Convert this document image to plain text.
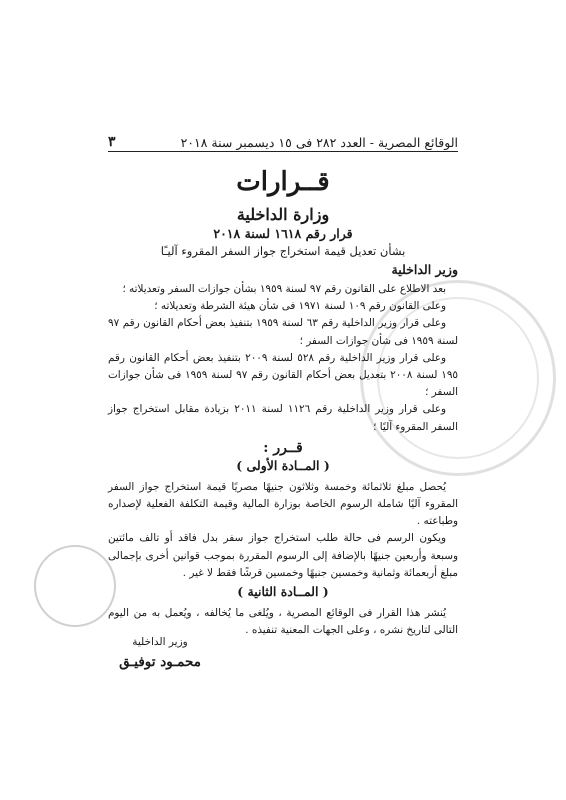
الوقائع المصرية - العدد ٢٨٢ فى ١٥ ديسمبر سنة ٢٠١٨
٣
قــرارات
وزارة الداخلية
قرار رقم ١٦١٨ لسنة ٢٠١٨
بشأن تعديل قيمة استخراج جواز السفر المقروء آليـًا
وزير الداخلية

بعد الاطلاع على القانون رقم ٩٧ لسنة ١٩٥٩ بشأن جوازات السفر وتعديلاته ؛

وعلى القانون رقم ١٠٩ لسنة ١٩٧١ فى شأن هيئة الشرطة وتعديلاته ؛

وعلى قرار وزير الداخلية رقم ٦٣ لسنة ١٩٥٩ بتنفيذ بعض أحكام القانون رقم ٩٧ لسنة ١٩٥٩ فى شأن جوازات السفر ؛

وعلى قرار وزير الداخلية رقم ٥٢٨ لسنة ٢٠٠٩ بتنفيذ بعض أحكام القانون رقم ١٩٥ لسنة ٢٠٠٨ بتعديل بعض أحكام القانون رقم ٩٧ لسنة ١٩٥٩ فى شأن جوازات السفر ؛

وعلى قرار وزير الداخلية رقم ١١٢٦ لسنة ٢٠١١ بزيادة مقابل استخراج جواز السفر المقروء آليًا ؛

قــرر :
( المــادة الأولى )

يُحصل مبلغ ثلاثمائة وخمسة وثلاثون جنيهًا مصريًا قيمة استخراج جواز السفر المقروء آليًا شاملة الرسوم الخاصة بوزارة المالية وقيمة التكلفة الفعلية لإصداره وطباعته .

ويكون الرسم فى حالة طلب استخراج جواز سفر بدل فاقد أو تالف مائتين وسبعة وأربعين جنيهًا بالإضافة إلى الرسوم المقررة بموجب قوانين أخرى بإجمالى مبلغ أربعمائة وثمانية وخمسين جنيهًا وخمسين قرشًا فقط لا غير .

( المــادة الثانية )

يُنشر هذا القرار فى الوقائع المصرية ، ويُلغى ما يُخالفه ، ويُعمل به من اليوم التالى لتاريخ نشره ، وعلى الجهات المعنية تنفيذه .

وزير الداخلية
محمـود توفيـق
